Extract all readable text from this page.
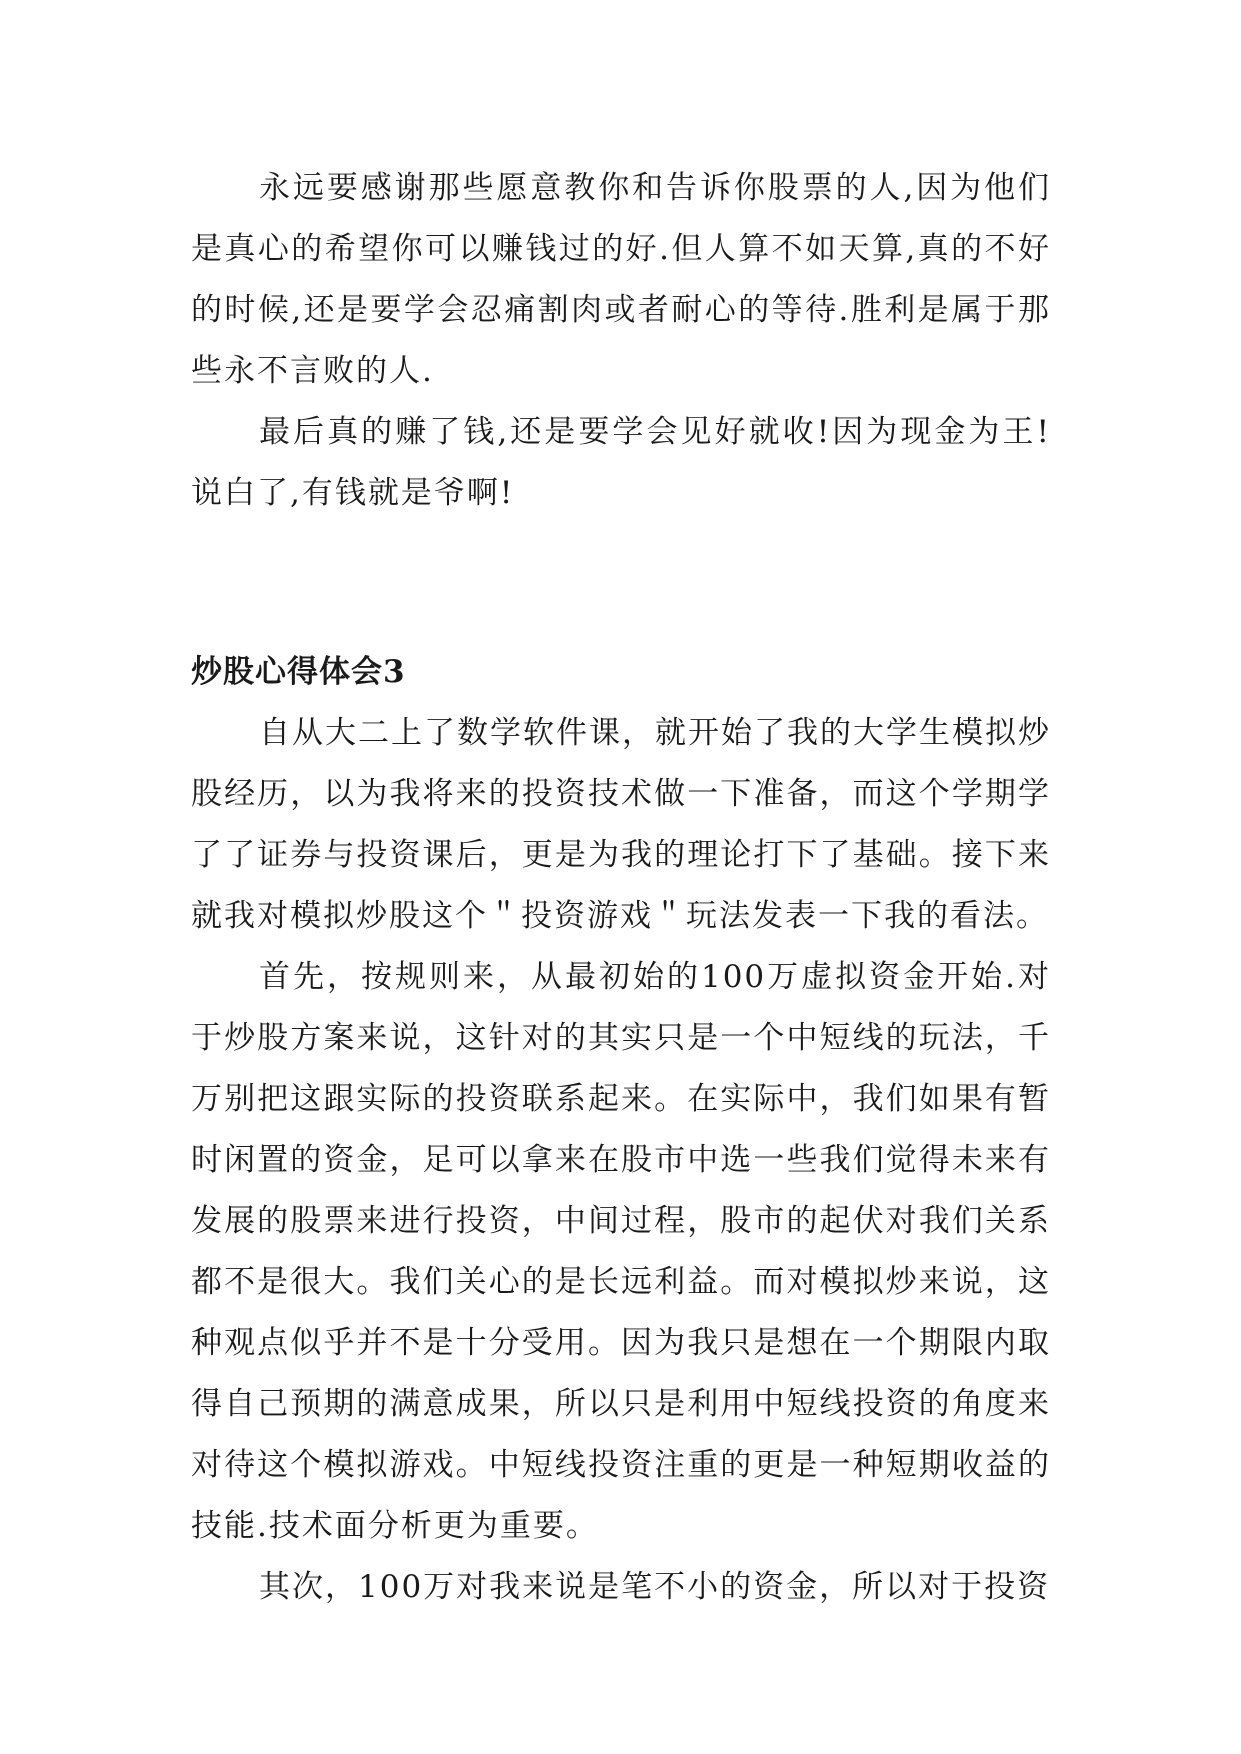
永远要感谢那些愿意教你和告诉你股票的人,因为他们是真心的希望你可以赚钱过的好.但人算不如天算,真的不好的时候,还是要学会忍痛割肉或者耐心的等待.胜利是属于那些永不言败的人.

最后真的赚了钱,还是要学会见好就收!因为现金为王!说白了,有钱就是爷啊!

炒股心得体会3

自从大二上了数学软件课，就开始了我的大学生模拟炒股经历，以为我将来的投资技术做一下准备，而这个学期学了了证券与投资课后，更是为我的理论打下了基础。接下来就我对模拟炒股这个＂投资游戏＂玩法发表一下我的看法。

首先，按规则来，从最初始的100万虚拟资金开始.对于炒股方案来说，这针对的其实只是一个中短线的玩法，千万别把这跟实际的投资联系起来。在实际中，我们如果有暂时闲置的资金，足可以拿来在股市中选一些我们觉得未来有发展的股票来进行投资，中间过程，股市的起伏对我们关系都不是很大。我们关心的是长远利益。而对模拟炒来说，这种观点似乎并不是十分受用。因为我只是想在一个期限内取得自己预期的满意成果，所以只是利用中短线投资的角度来对待这个模拟游戏。中短线投资注重的更是一种短期收益的技能.技术面分析更为重要。

其次，100万对我来说是笔不小的资金，所以对于投资
